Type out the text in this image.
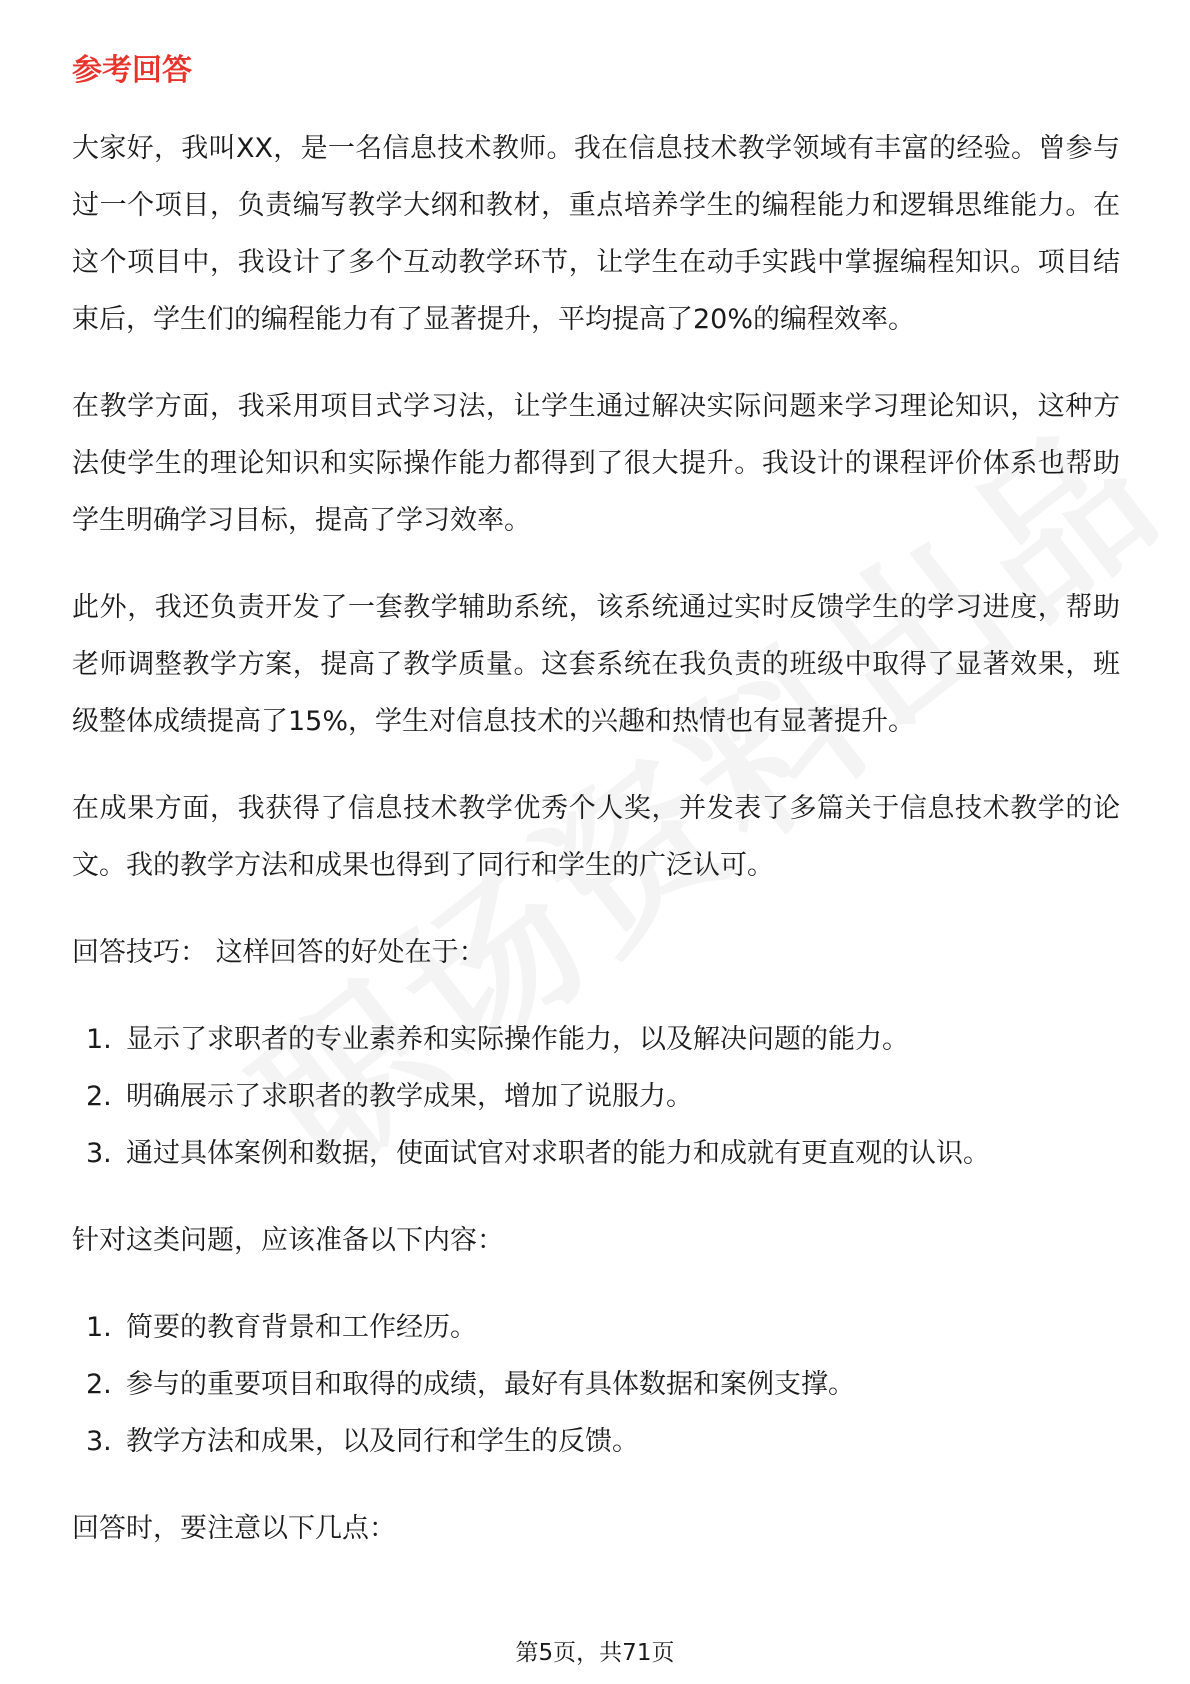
参考回答

大家好，我叫XX，是一名信息技术教师。我在信息技术教学领域有丰富的经验。曾参与过一个项目，负责编写教学大纲和教材，重点培养学生的编程能力和逻辑思维能力。在这个项目中，我设计了多个互动教学环节，让学生在动手实践中掌握编程知识。项目结束后，学生们的编程能力有了显著提升，平均提高了20%的编程效率。

在教学方面，我采用项目式学习法，让学生通过解决实际问题来学习理论知识，这种方法使学生的理论知识和实际操作能力都得到了很大提升。我设计的课程评价体系也帮助学生明确学习目标，提高了学习效率。

此外，我还负责开发了一套教学辅助系统，该系统通过实时反馈学生的学习进度，帮助老师调整教学方案，提高了教学质量。这套系统在我负责的班级中取得了显著效果，班级整体成绩提高了15%，学生对信息技术的兴趣和热情也有显著提升。

在成果方面，我获得了信息技术教学优秀个人奖，并发表了多篇关于信息技术教学的论文。我的教学方法和成果也得到了同行和学生的广泛认可。

回答技巧： 这样回答的好处在于：

1. 显示了求职者的专业素养和实际操作能力，以及解决问题的能力。
2. 明确展示了求职者的教学成果，增加了说服力。
3. 通过具体案例和数据，使面试官对求职者的能力和成就有更直观的认识。

针对这类问题，应该准备以下内容：

1. 简要的教育背景和工作经历。
2. 参与的重要项目和取得的成绩，最好有具体数据和案例支撑。
3. 教学方法和成果，以及同行和学生的反馈。

回答时，要注意以下几点：

第5页，共71页
